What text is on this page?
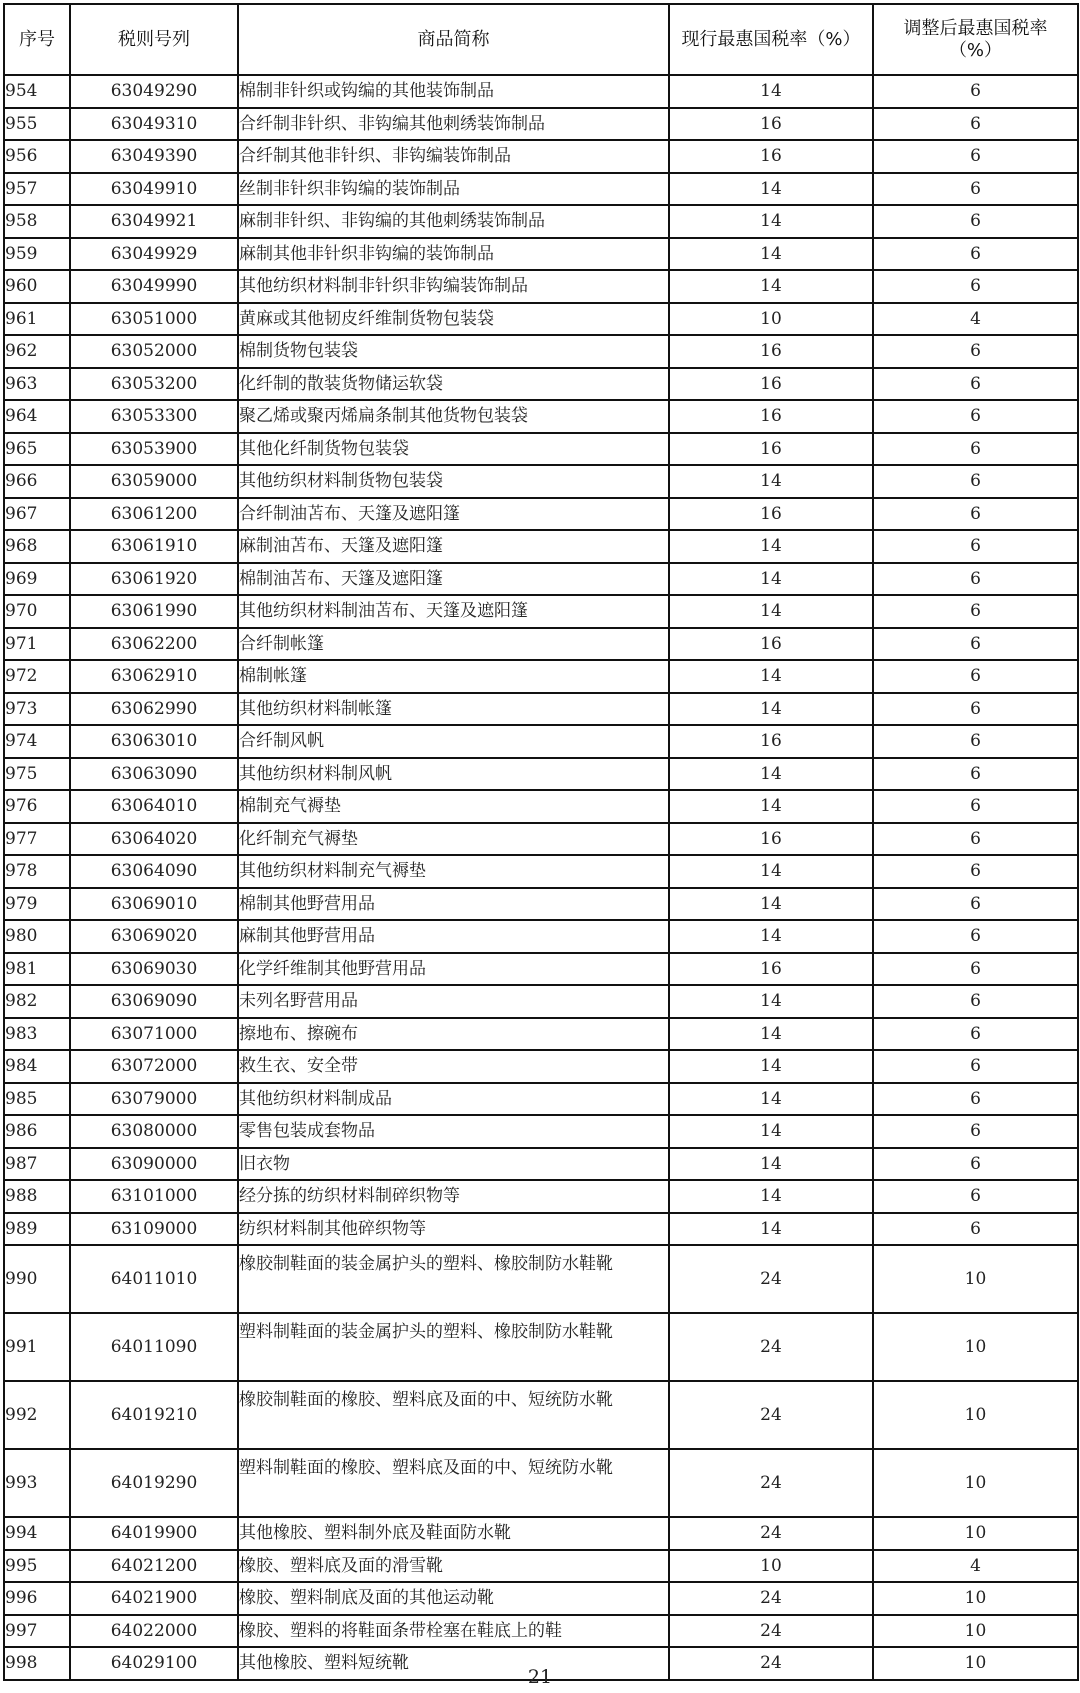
序号	税则号列	商品简称	现行最惠国税率（%）	调整后最惠国税率（%）
954	63049290	棉制非针织或钩编的其他装饰制品	14	6
955	63049310	合纤制非针织、非钩编其他刺绣装饰制品	16	6
956	63049390	合纤制其他非针织、非钩编装饰制品	16	6
957	63049910	丝制非针织非钩编的装饰制品	14	6
958	63049921	麻制非针织、非钩编的其他刺绣装饰制品	14	6
959	63049929	麻制其他非针织非钩编的装饰制品	14	6
960	63049990	其他纺织材料制非针织非钩编装饰制品	14	6
961	63051000	黄麻或其他韧皮纤维制货物包装袋	10	4
962	63052000	棉制货物包装袋	16	6
963	63053200	化纤制的散装货物储运软袋	16	6
964	63053300	聚乙烯或聚丙烯扁条制其他货物包装袋	16	6
965	63053900	其他化纤制货物包装袋	16	6
966	63059000	其他纺织材料制货物包装袋	14	6
967	63061200	合纤制油苫布、天篷及遮阳篷	16	6
968	63061910	麻制油苫布、天篷及遮阳篷	14	6
969	63061920	棉制油苫布、天篷及遮阳篷	14	6
970	63061990	其他纺织材料制油苫布、天篷及遮阳篷	14	6
971	63062200	合纤制帐篷	16	6
972	63062910	棉制帐篷	14	6
973	63062990	其他纺织材料制帐篷	14	6
974	63063010	合纤制风帆	16	6
975	63063090	其他纺织材料制风帆	14	6
976	63064010	棉制充气褥垫	14	6
977	63064020	化纤制充气褥垫	16	6
978	63064090	其他纺织材料制充气褥垫	14	6
979	63069010	棉制其他野营用品	14	6
980	63069020	麻制其他野营用品	14	6
981	63069030	化学纤维制其他野营用品	16	6
982	63069090	未列名野营用品	14	6
983	63071000	擦地布、擦碗布	14	6
984	63072000	救生衣、安全带	14	6
985	63079000	其他纺织材料制成品	14	6
986	63080000	零售包装成套物品	14	6
987	63090000	旧衣物	14	6
988	63101000	经分拣的纺织材料制碎织物等	14	6
989	63109000	纺织材料制其他碎织物等	14	6
990	64011010	橡胶制鞋面的装金属护头的塑料、橡胶制防水鞋靴	24	10
991	64011090	塑料制鞋面的装金属护头的塑料、橡胶制防水鞋靴	24	10
992	64019210	橡胶制鞋面的橡胶、塑料底及面的中、短统防水靴	24	10
993	64019290	塑料制鞋面的橡胶、塑料底及面的中、短统防水靴	24	10
994	64019900	其他橡胶、塑料制外底及鞋面防水靴	24	10
995	64021200	橡胶、塑料底及面的滑雪靴	10	4
996	64021900	橡胶、塑料制底及面的其他运动靴	24	10
997	64022000	橡胶、塑料的将鞋面条带栓塞在鞋底上的鞋	24	10
998	64029100	其他橡胶、塑料短统靴	24	10
21
